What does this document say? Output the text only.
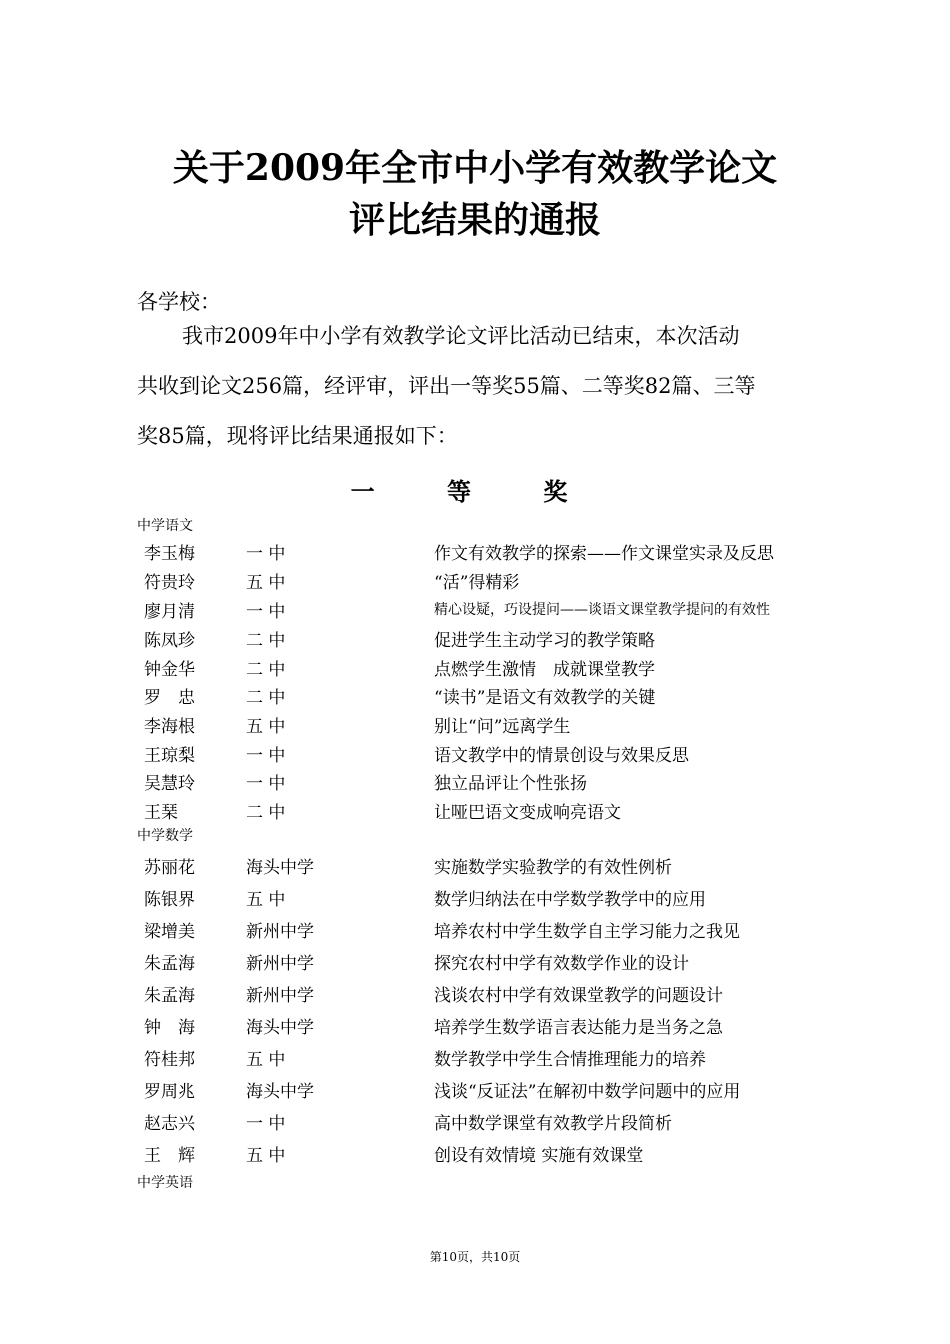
关于2009年全市中小学有效教学论文
评比结果的通报
各学校：
我市2009年中小学有效教学论文评比活动已结束，本次活动
共收到论文256篇，经评审，评出一等奖55篇、二等奖82篇、三等
奖85篇，现将评比结果通报如下：
一 等 奖
中学语文
李玉梅	一 中	作文有效教学的探索——作文课堂实录及反思
符贵玲	五 中	“活”得精彩
廖月清	一 中	精心设疑，巧设提问——谈语文课堂教学提问的有效性
陈凤珍	二 中	促进学生主动学习的教学策略
钟金华	二 中	点燃学生激情　成就课堂教学
罗　忠	二 中	“读书”是语文有效教学的关键
李海根	五 中	别让“问”远离学生
王琼梨	一 中	语文教学中的情景创设与效果反思
吴慧玲	一 中	独立品评让个性张扬
王琹	二 中	让哑巴语文变成响亮语文
中学数学
苏丽花	海头中学	实施数学实验教学的有效性例析
陈银界	五 中	数学归纳法在中学数学教学中的应用
梁增美	新州中学	培养农村中学生数学自主学习能力之我见
朱孟海	新州中学	探究农村中学有效数学作业的设计
朱孟海	新州中学	浅谈农村中学有效课堂教学的问题设计
钟　海	海头中学	培养学生数学语言表达能力是当务之急
符桂邦	五 中	数学教学中学生合情推理能力的培养
罗周兆	海头中学	浅谈“反证法”在解初中数学问题中的应用
赵志兴	一 中	高中数学课堂有效教学片段简析
王　辉	五 中	创设有效情境 实施有效课堂
中学英语
第10页，共10页
